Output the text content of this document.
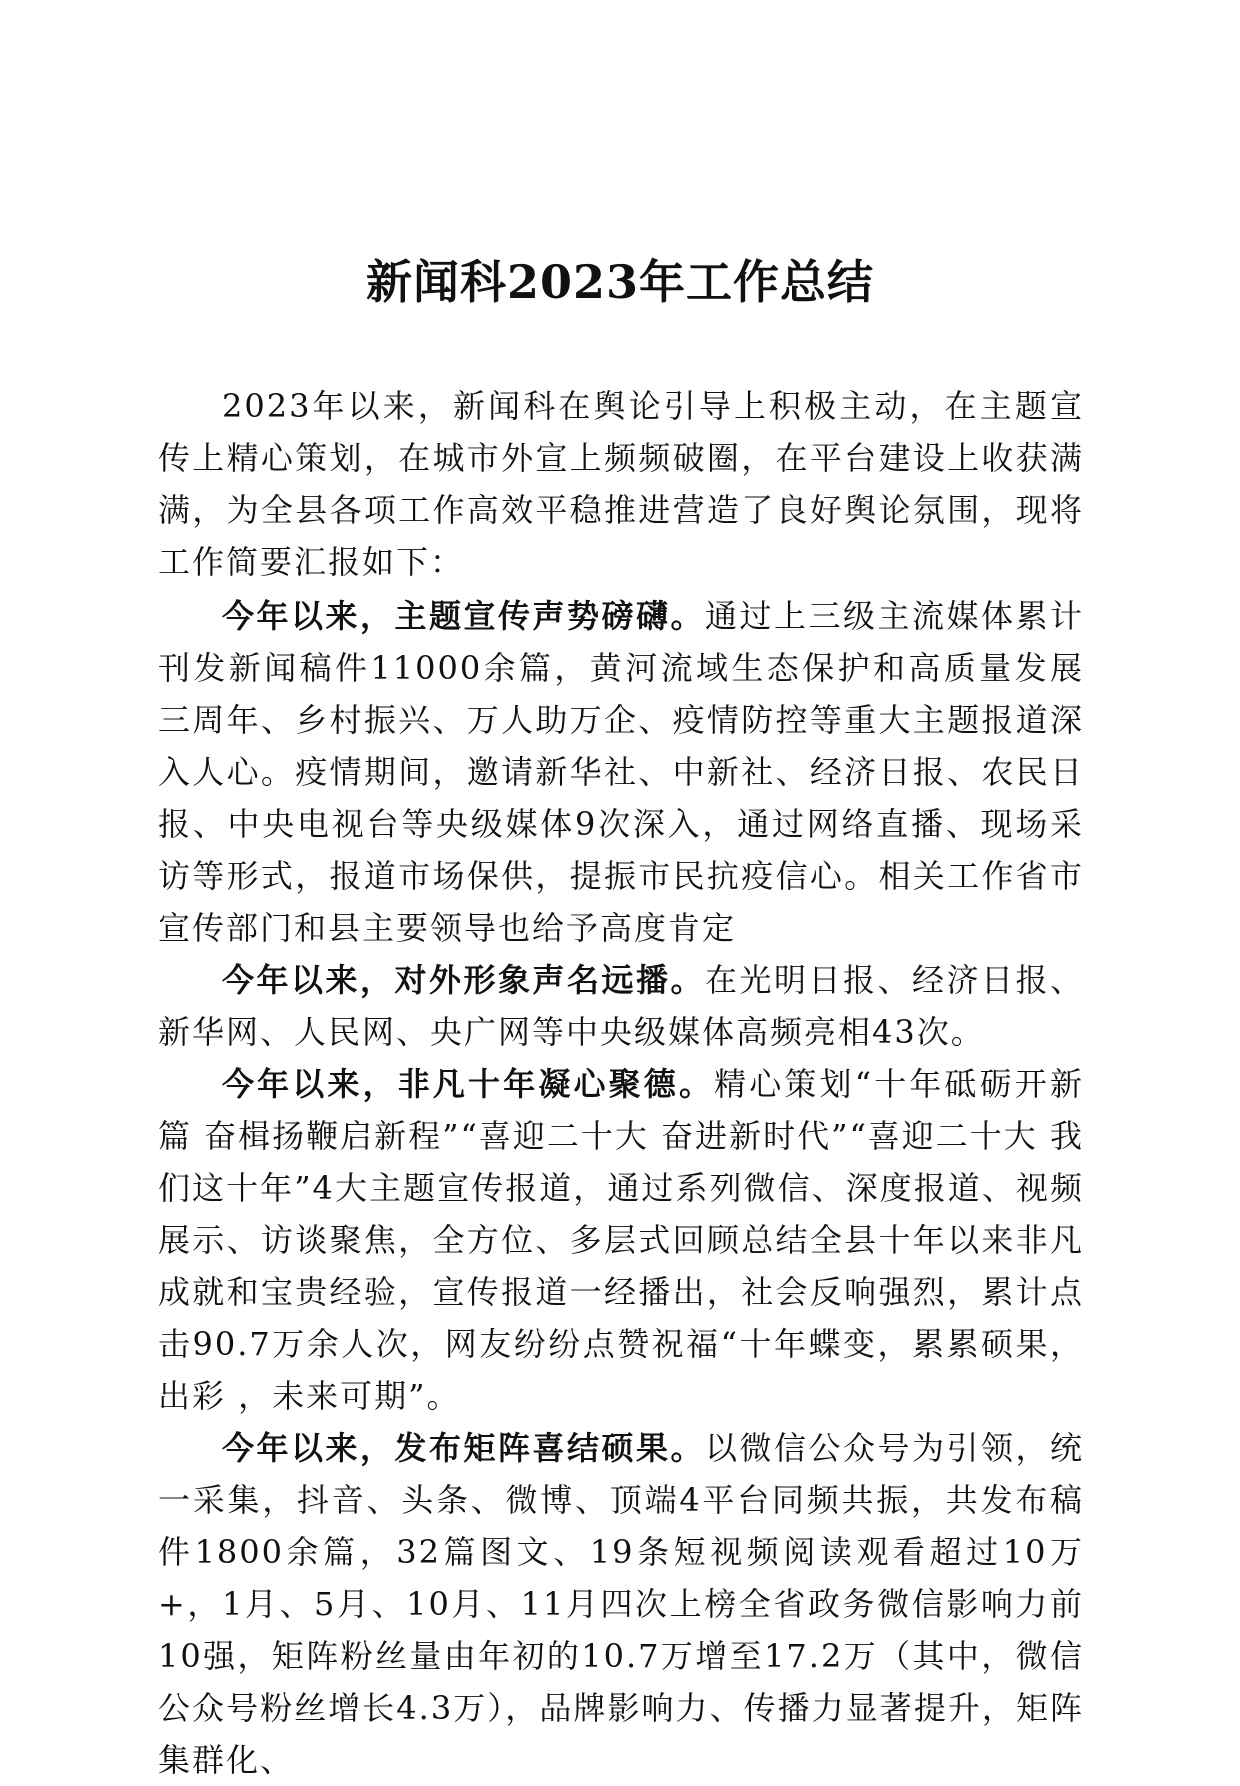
新闻科2023年工作总结

2023年以来，新闻科在舆论引导上积极主动，在主题宣传上精心策划，在城市外宣上频频破圈，在平台建设上收获满满，为全县各项工作高效平稳推进营造了良好舆论氛围，现将工作简要汇报如下：

今年以来，主题宣传声势磅礴。通过上三级主流媒体累计刊发新闻稿件11000余篇，黄河流域生态保护和高质量发展三周年、乡村振兴、万人助万企、疫情防控等重大主题报道深入人心。疫情期间，邀请新华社、中新社、经济日报、农民日报、中央电视台等央级媒体9次深入，通过网络直播、现场采访等形式，报道市场保供，提振市民抗疫信心。相关工作省市宣传部门和县主要领导也给予高度肯定

今年以来，对外形象声名远播。在光明日报、经济日报、新华网、人民网、央广网等中央级媒体高频亮相43次。

今年以来，非凡十年凝心聚德。精心策划“十年砥砺开新篇 奋楫扬鞭启新程”“喜迎二十大 奋进新时代”“喜迎二十大 我们这十年”4大主题宣传报道，通过系列微信、深度报道、视频展示、访谈聚焦，全方位、多层式回顾总结全县十年以来非凡成就和宝贵经验，宣传报道一经播出，社会反响强烈，累计点击90.7万余人次，网友纷纷点赞祝福“十年蝶变，累累硕果，出彩 ，未来可期”。

今年以来，发布矩阵喜结硕果。以微信公众号为引领，统一采集，抖音、头条、微博、顶端4平台同频共振，共发布稿件1800余篇，32篇图文、19条短视频阅读观看超过10万+，1月、5月、10月、11月四次上榜全省政务微信影响力前10强，矩阵粉丝量由年初的10.7万增至17.2万（其中，微信公众号粉丝增长4.3万），品牌影响力、传播力显著提升，矩阵集群化、
